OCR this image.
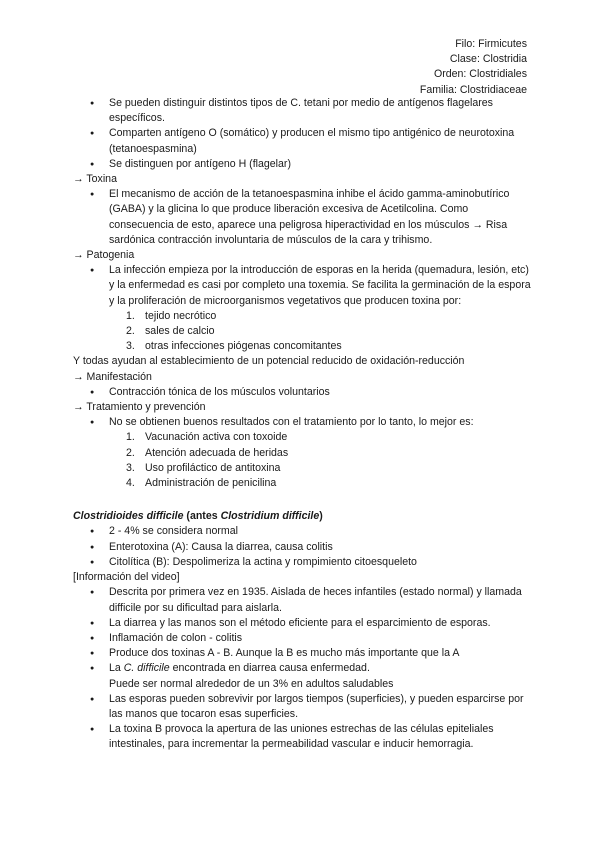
Filo: Firmicutes
Clase: Clostridia
Orden: Clostridiales
Familia: Clostridiaceae
● Se pueden distinguir distintos tipos de C. tetani por medio de antígenos flagelares específicos.
● Comparten antígeno O (somático) y producen el mismo tipo antigénico de neurotoxina (tetanoespasmina)
● Se distinguen por antígeno H (flagelar)
→ Toxina
● El mecanismo de acción de la tetanoespasmina inhibe el ácido gamma-aminobutírico (GABA) y la glicina lo que produce liberación excesiva de Acetilcolina. Como consecuencia de esto, aparece una peligrosa hiperactividad en los músculos → Risa sardónica contracción involuntaria de músculos de la cara y trihismo.
→ Patogenia
● La infección empieza por la introducción de esporas en la herida (quemadura, lesión, etc) y la enfermedad es casi por completo una toxemia. Se facilita la germinación de la espora y la proliferación de microorganismos vegetativos que producen toxina por:
1. tejido necrótico
2. sales de calcio
3. otras infecciones piógenas concomitantes
Y todas ayudan al establecimiento de un potencial reducido de oxidación-reducción
→ Manifestación
● Contracción tónica de los músculos voluntarios
→ Tratamiento y prevención
● No se obtienen buenos resultados con el tratamiento por lo tanto, lo mejor es:
1. Vacunación activa con toxoide
2. Atención adecuada de heridas
3. Uso profiláctico de antitoxina
4. Administración de penicilina
Clostridioides difficile (antes Clostridium difficile)
● 2 - 4% se considera normal
● Enterotoxina (A): Causa la diarrea, causa colitis
● Citolítica (B): Despolimeriza la actina y rompimiento citoesqueleto
[Información del video]
● Descrita por primera vez en 1935. Aislada de heces infantiles (estado normal) y llamada difficile por su dificultad para aislarla.
● La diarrea y las manos son el método eficiente para el esparcimiento de esporas.
● Inflamación de colon - colitis
● Produce dos toxinas A - B. Aunque la B es mucho más importante que la A
● La C. difficile encontrada en diarrea causa enfermedad.
Puede ser normal alrededor de un 3% en adultos saludables
● Las esporas pueden sobrevivir por largos tiempos (superficies), y pueden esparcirse por las manos que tocaron esas superficies.
● La toxina B provoca la apertura de las uniones estrechas de las células epiteliales intestinales, para incrementar la permeabilidad vascular e inducir hemorragia.
